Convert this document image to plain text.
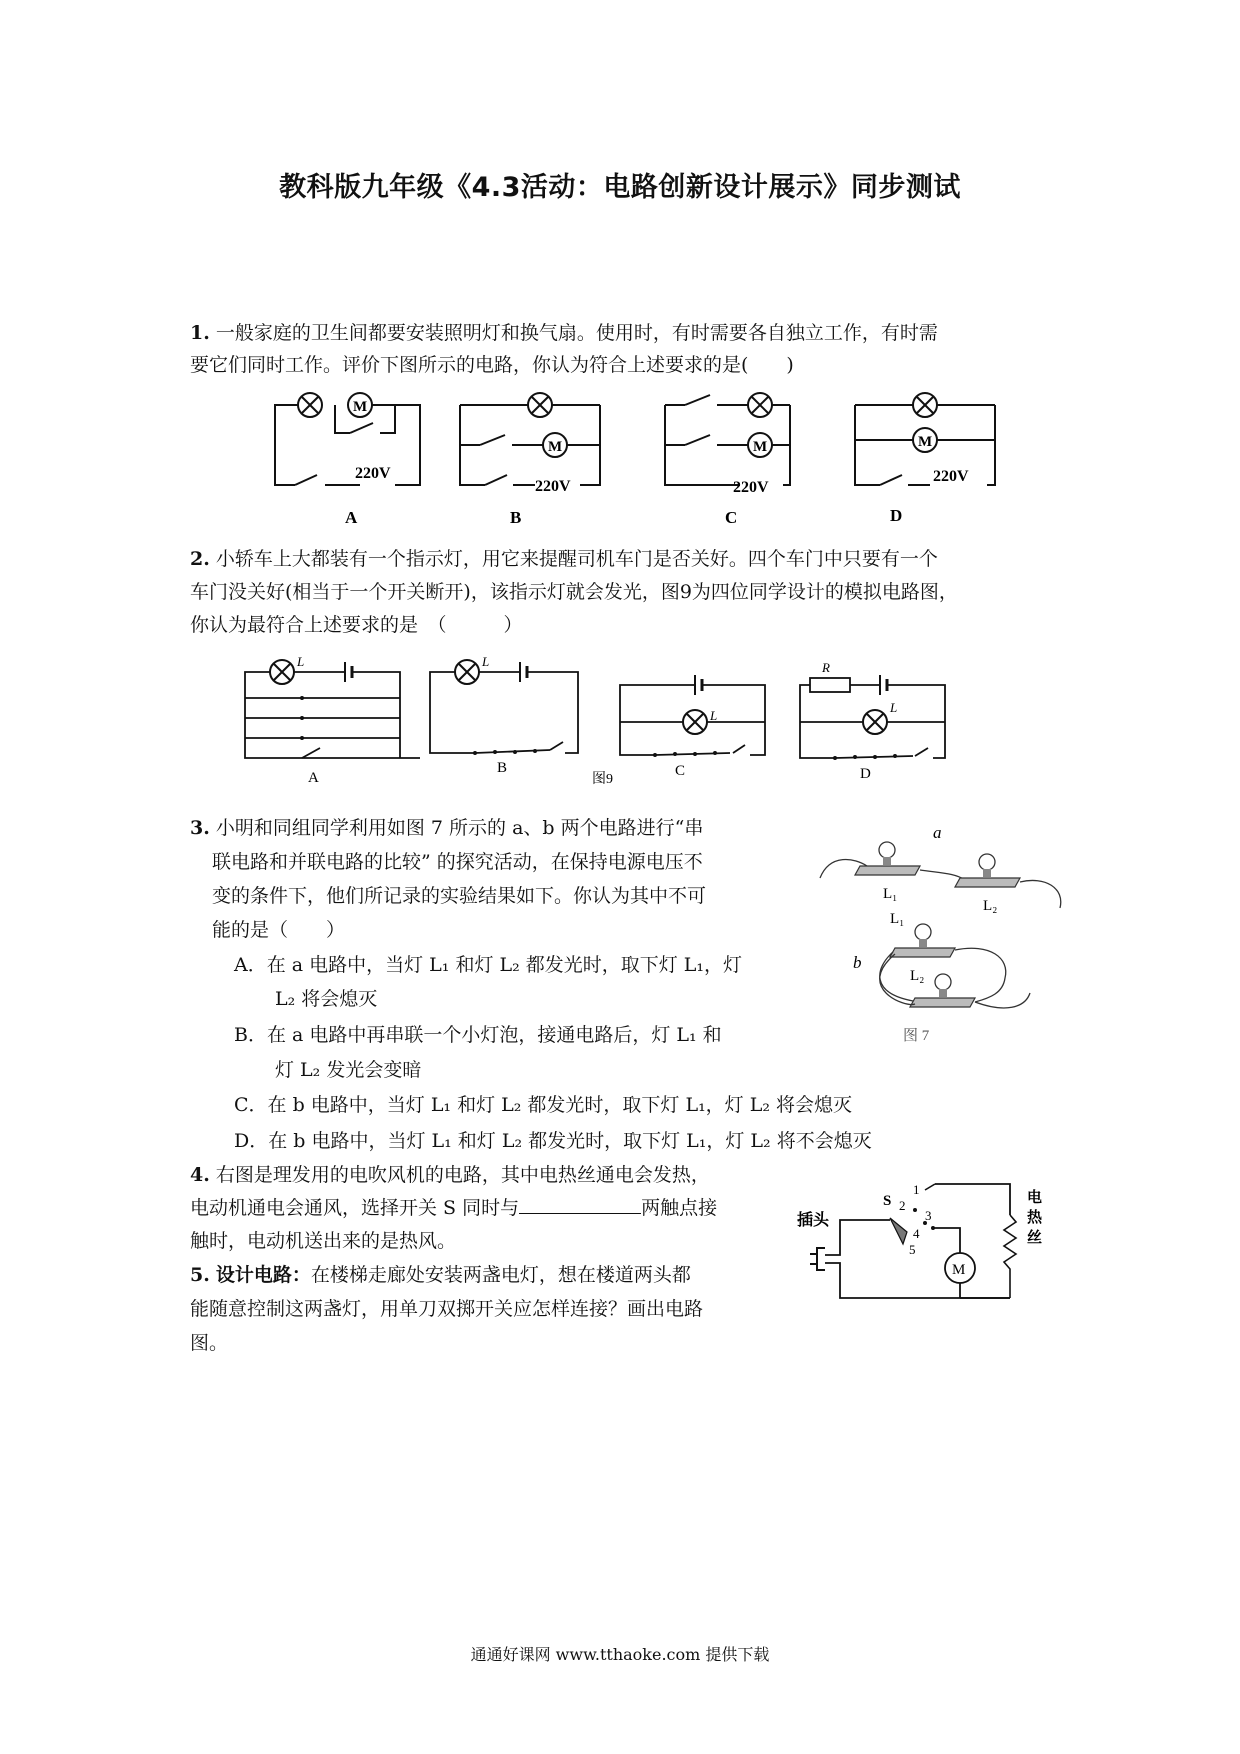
教科版九年级《4.3活动：电路创新设计展示》同步测试
1. 一般家庭的卫生间都要安装照明灯和换气扇。使用时，有时需要各自独立工作，有时需
要它们同时工作。评价下图所示的电路，你认为符合上述要求的是(　　)
M
220V
A
M
220V
B
M
220V
C
M
220V
D
2. 小轿车上大都装有一个指示灯，用它来提醒司机车门是否关好。四个车门中只要有一个
车门没关好(相当于一个开关断开)，该指示灯就会发光，图9为四位同学设计的模拟电路图，
你认为最符合上述要求的是　（　　　）
L
A
L
B
L
C
R
L
D
图9
3. 小明和同组同学利用如图 7 所示的 a、b 两个电路进行“串
联电路和并联电路的比较” 的探究活动，在保持电源电压不
变的条件下，他们所记录的实验结果如下。你认为其中不可
能的是（　　）
A．在 a 电路中，当灯 L₁ 和灯 L₂ 都发光时，取下灯 L₁，灯
L₂ 将会熄灭
B．在 a 电路中再串联一个小灯泡，接通电路后，灯 L₁ 和
灯 L₂ 发光会变暗
C．在 b 电路中，当灯 L₁ 和灯 L₂ 都发光时，取下灯 L₁，灯 L₂ 将会熄灭
D．在 b 电路中，当灯 L₁ 和灯 L₂ 都发光时，取下灯 L₁，灯 L₂ 将不会熄灭
a
L₁
L₂
L₁
L₂
b
图 7
4. 右图是理发用的电吹风机的电路，其中电热丝通电会发热，
电动机通电会通风，选择开关 S 同时与	两触点接
触时，电动机送出来的是热风。
插头
S
1
2
3
4
5
M
电
热
丝
5. 设计电路：在楼梯走廊处安装两盏电灯，想在楼道两头都
能随意控制这两盏灯，用单刀双掷开关应怎样连接？画出电路
图。
通通好课网 www.tthaoke.com 提供下载
